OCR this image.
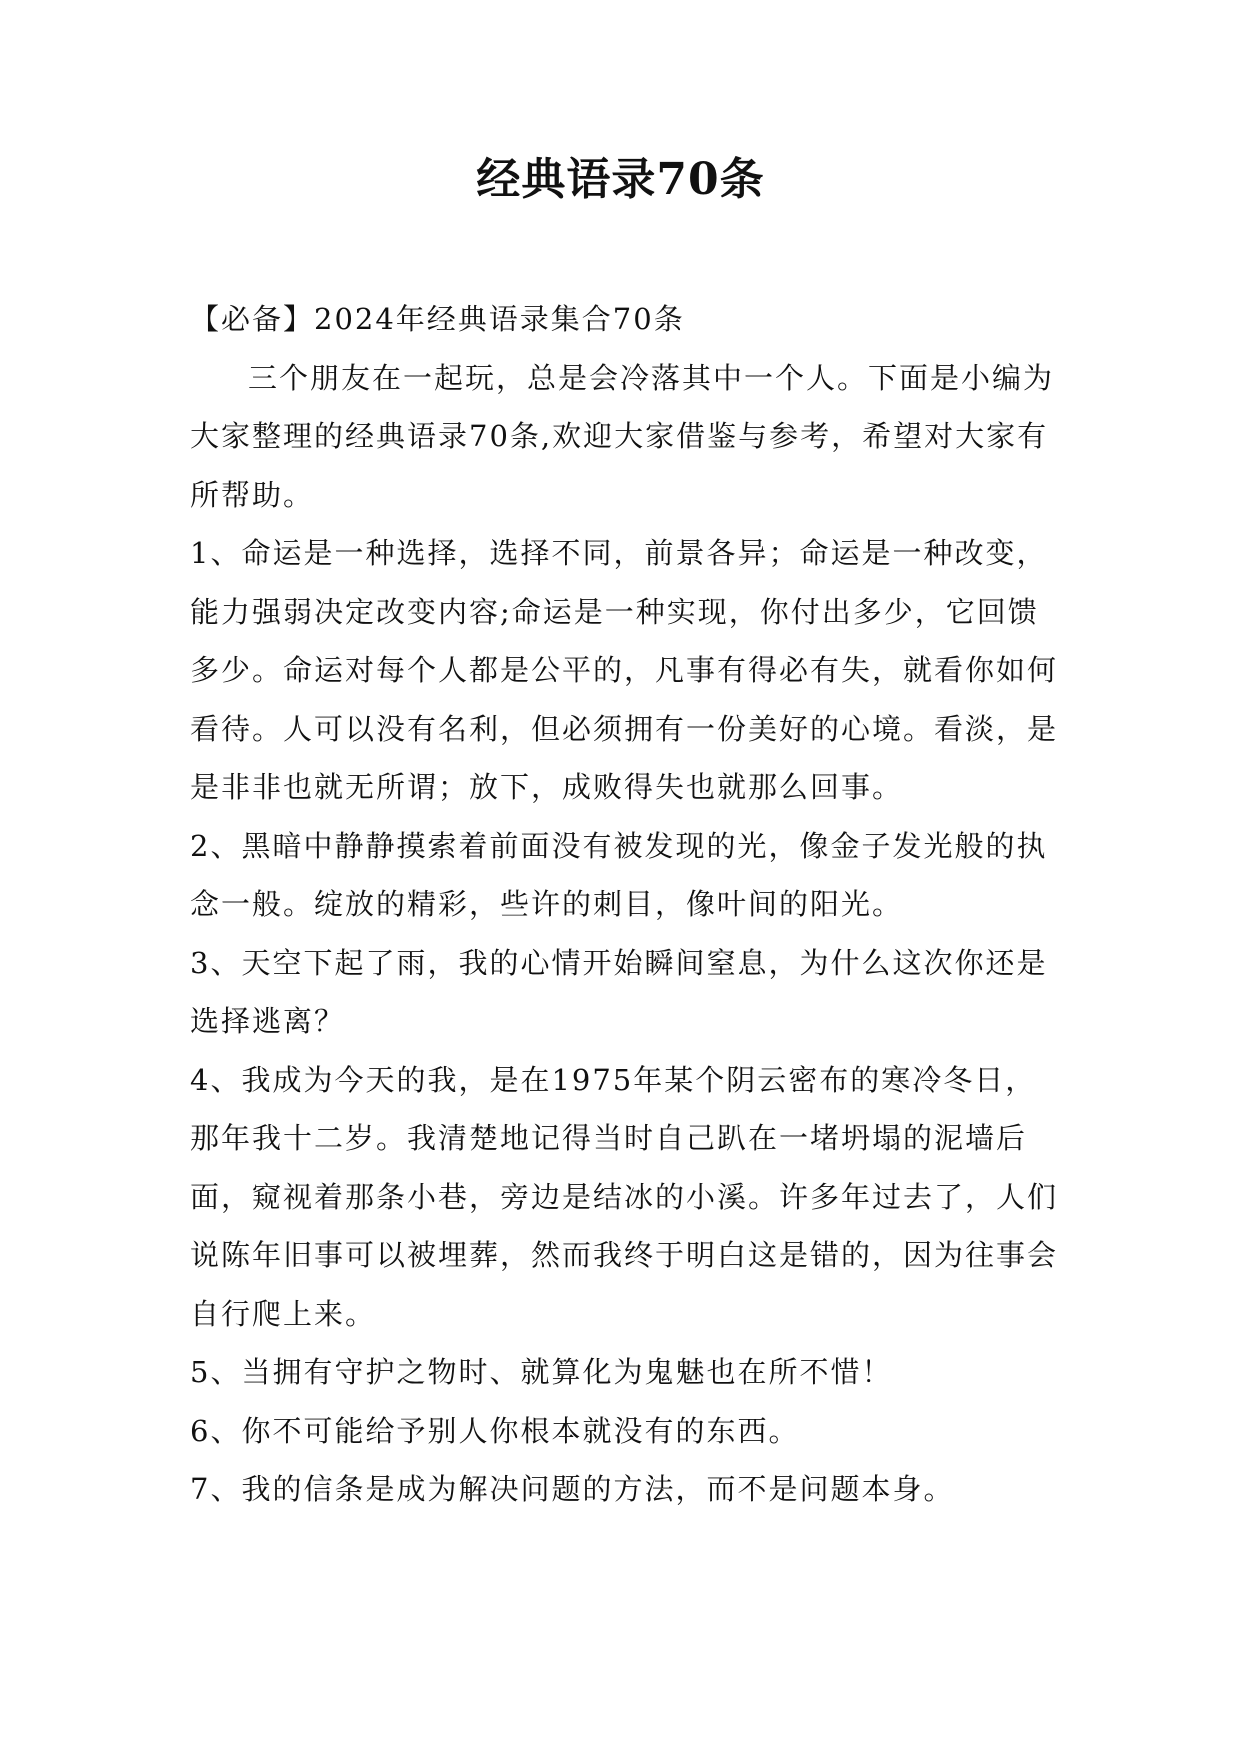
经典语录70条

【必备】2024年经典语录集合70条

三个朋友在一起玩，总是会冷落其中一个人。下面是小编为大家整理的经典语录70条,欢迎大家借鉴与参考，希望对大家有所帮助。

1、命运是一种选择，选择不同，前景各异；命运是一种改变，能力强弱决定改变内容;命运是一种实现，你付出多少，它回馈多少。命运对每个人都是公平的，凡事有得必有失，就看你如何看待。人可以没有名利，但必须拥有一份美好的心境。看淡，是是非非也就无所谓；放下，成败得失也就那么回事。

2、黑暗中静静摸索着前面没有被发现的光，像金子发光般的执念一般。绽放的精彩，些许的刺目，像叶间的阳光。

3、天空下起了雨，我的心情开始瞬间窒息，为什么这次你还是选择逃离？

4、我成为今天的我，是在1975年某个阴云密布的寒冷冬日，那年我十二岁。我清楚地记得当时自己趴在一堵坍塌的泥墙后面，窥视着那条小巷，旁边是结冰的小溪。许多年过去了，人们说陈年旧事可以被埋葬，然而我终于明白这是错的，因为往事会自行爬上来。

5、当拥有守护之物时、就算化为鬼魅也在所不惜！

6、你不可能给予别人你根本就没有的东西。

7、我的信条是成为解决问题的方法，而不是问题本身。
